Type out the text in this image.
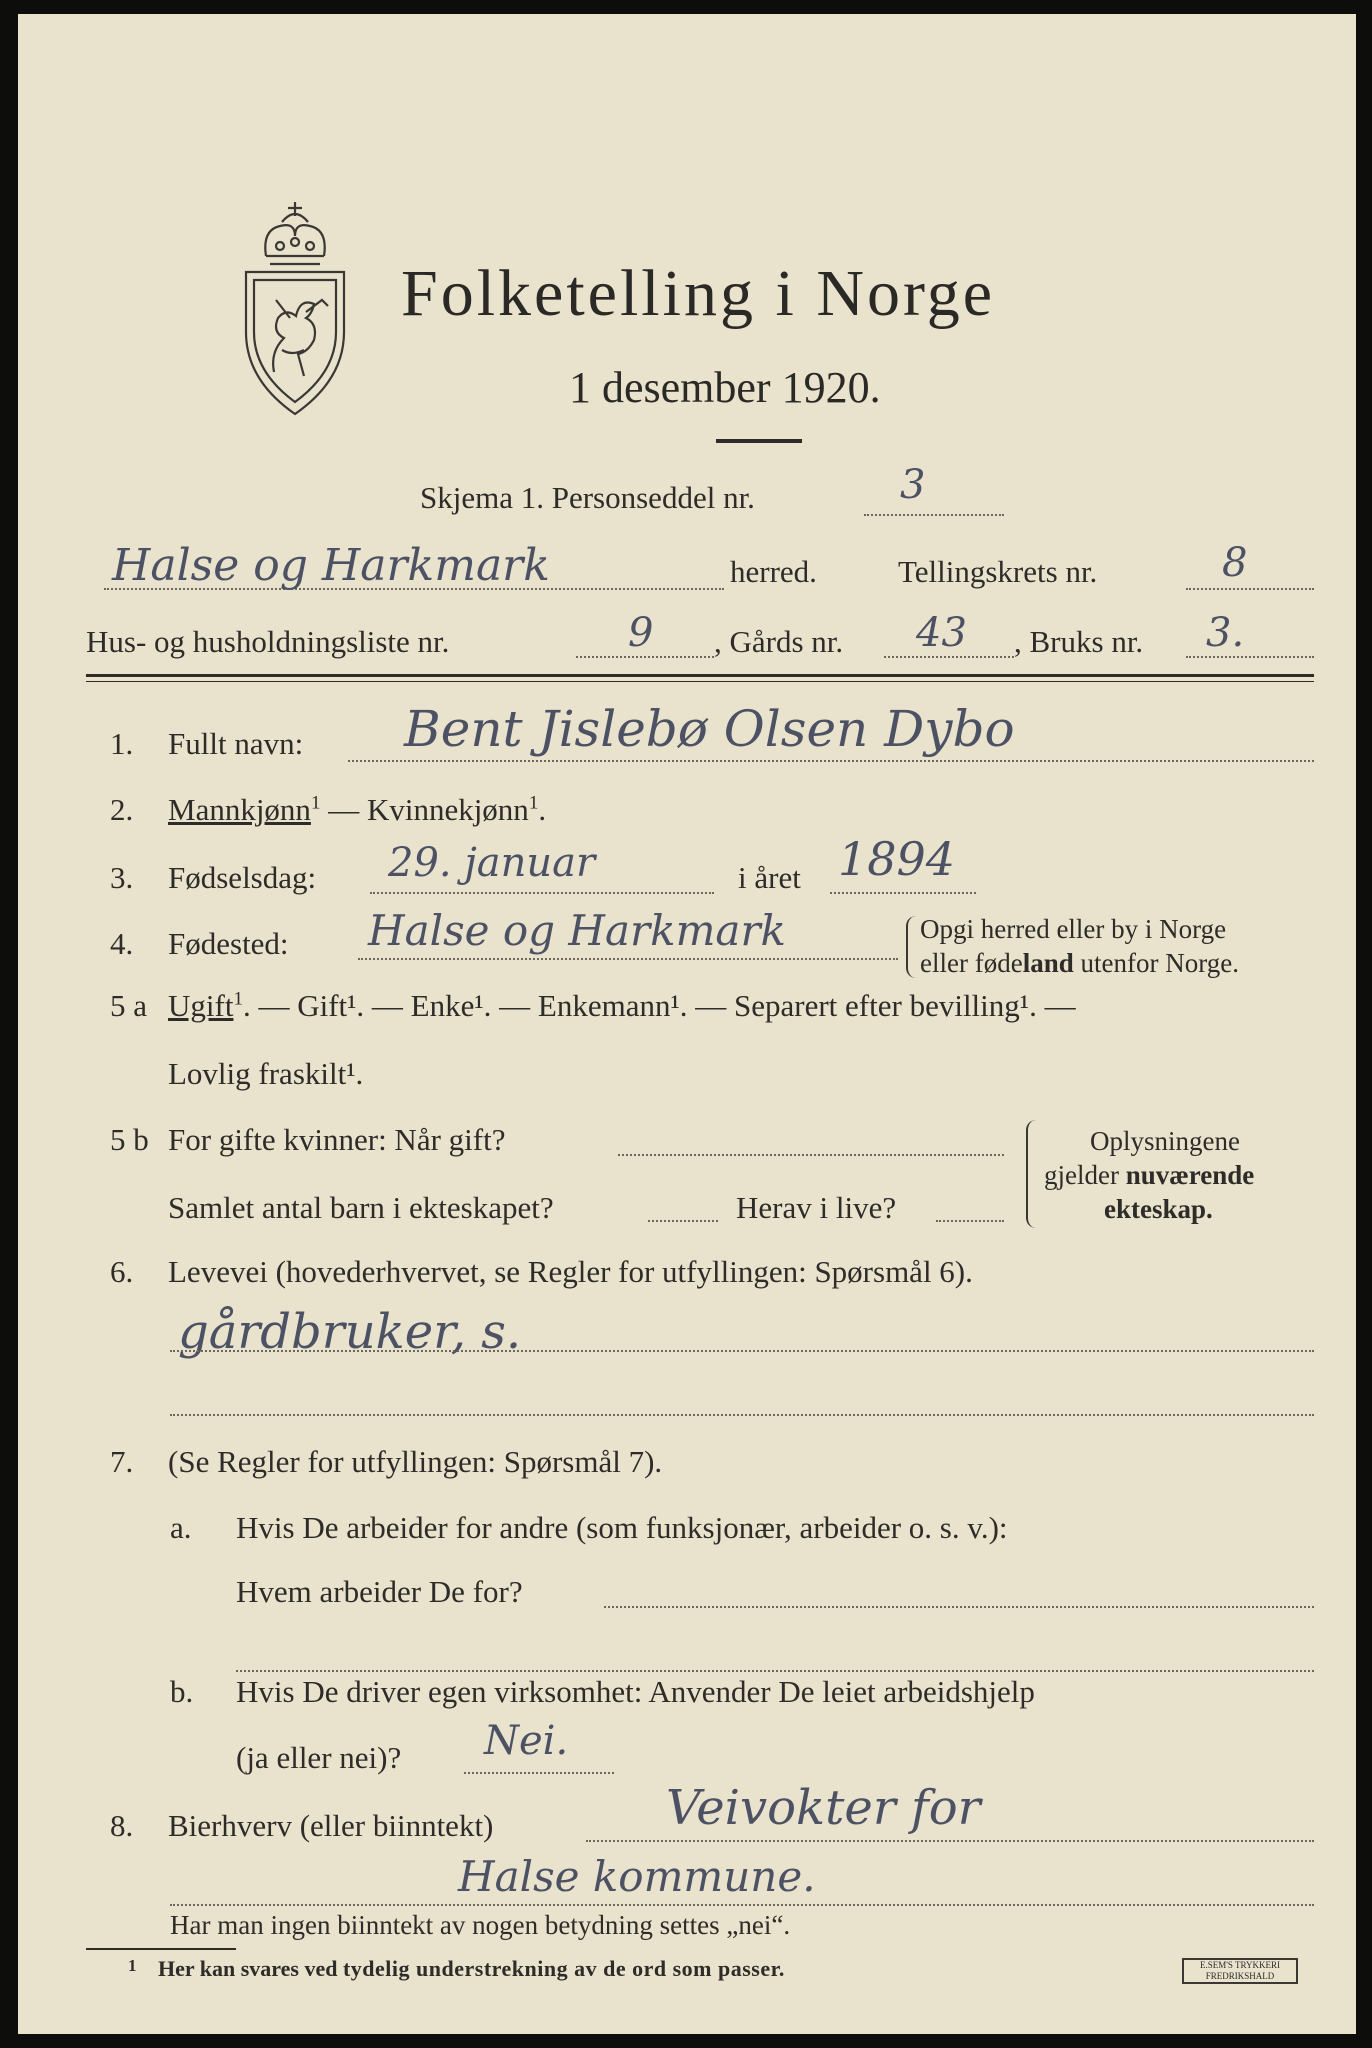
Folketelling i Norge
1 desember 1920.
Skjema 1. Personseddel nr.	3
Halse og Harkmark	herred.	Tellingskrets nr.	8
Hus- og husholdningsliste nr.	9 , Gårds nr. 43 , Bruks nr. 3.
1. Fullt navn: Bent Jislebø Olsen Dybo
2. Mannkjønn$^1$ — Kvinnekjønn$^1$.
3. Fødselsdag: 29. januar	i året 1894
4. Fødested: Halse og Harkmark	Opgi herred eller by i Norge
eller fødeland utenfor Norge.
5 a Ugift$^1$. — Gift¹. — Enke¹. — Enkemann¹. — Separert efter bevilling¹. —
Lovlig fraskilt¹.
5 b For gifte kvinner: Når gift?
Samlet antal barn i ekteskapet?	Herav i live?
Oplysningene
gjelder nuværende
ekteskap.
6. Levevei (hovederhvervet, se Regler for utfyllingen: Spørsmål 6).
gårdbruker, s.
7. (Se Regler for utfyllingen: Spørsmål 7).
a. Hvis De arbeider for andre (som funksjonær, arbeider o. s. v.):
Hvem arbeider De for?
b. Hvis De driver egen virksomhet: Anvender De leiet arbeidshjelp
(ja eller nei)? Nei.
8. Bierhverv (eller biinntekt)	Veivokter for
Halse kommune.
Har man ingen biinntekt av nogen betydning settes „nei“.
1 Her kan svares ved tydelig understrekning av de ord som passer.	E.SEM'S TRYKKERI
FREDRIKSHALD
